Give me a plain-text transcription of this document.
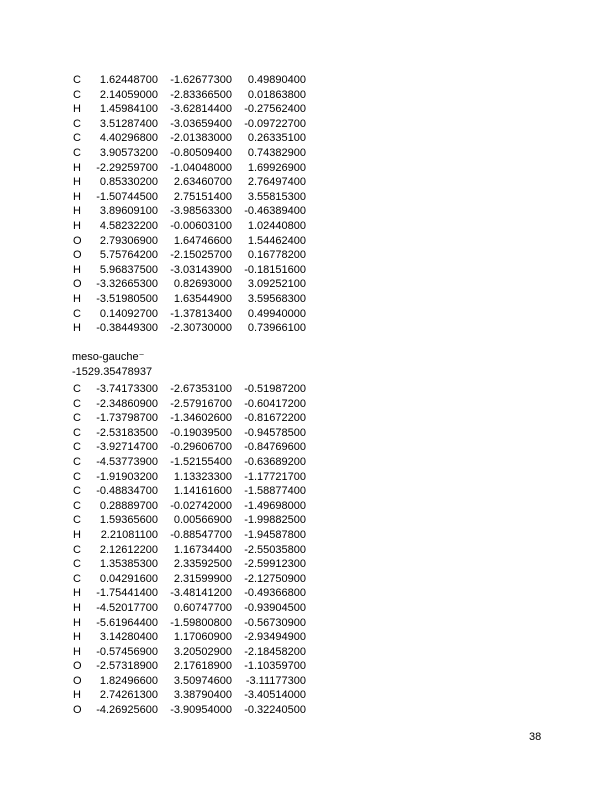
C	1.62448700 -1.62677300 0.49890400
C	2.14059000 -2.83366500 0.01863800
H	1.45984100 -3.62814400 -0.27562400
C	3.51287400 -3.03659400 -0.09722700
C	4.40296800 -2.01383000 0.26335100
C	3.90573200 -0.80509400 0.74382900
H	-2.29259700 -1.04048000 1.69926900
H	0.85330200 2.63460700 2.76497400
H	-1.50744500 2.75151400 3.55815300
H	3.89609100 -3.98563300 -0.46389400
H	4.58232200 -0.00603100 1.02440800
O	2.79306900 1.64746600 1.54462400
O	5.75764200 -2.15025700 0.16778200
H	5.96837500 -3.03143900 -0.18151600
O	-3.32665300 0.82693000 3.09252100
H	-3.51980500 1.63544900 3.59568300
C	0.14092700 -1.37813400 0.49940000
H	-0.38449300 -2.30730000 0.73966100
meso-gauche⁻
-1529.35478937
C	-3.74173300 -2.67353100 -0.51987200
C	-2.34860900 -2.57916700 -0.60417200
C	-1.73798700 -1.34602600 -0.81672200
C	-2.53183500 -0.19039500 -0.94578500
C	-3.92714700 -0.29606700 -0.84769600
C	-4.53773900 -1.52155400 -0.63689200
C	-1.91903200 1.13323300 -1.17721700
C	-0.48834700 1.14161600 -1.58877400
C	0.28889700 -0.02742000 -1.49698000
C	1.59365600 0.00566900 -1.99882500
H	2.21081100 -0.88547700 -1.94587800
C	2.12612200 1.16734400 -2.55035800
C	1.35385300 2.33592500 -2.59912300
C	0.04291600 2.31599900 -2.12750900
H	-1.75441400 -3.48141200 -0.49366800
H	-4.52017700 0.60747700 -0.93904500
H	-5.61964400 -1.59800800 -0.56730900
H	3.14280400 1.17060900 -2.93494900
H	-0.57456900 3.20502900 -2.18458200
O	-2.57318900 2.17618900 -1.10359700
O	1.82496600 3.50974600 -3.11177300
H	2.74261300 3.38790400 -3.40514000
O	-4.26925600 -3.90954000 -0.32240500
38
